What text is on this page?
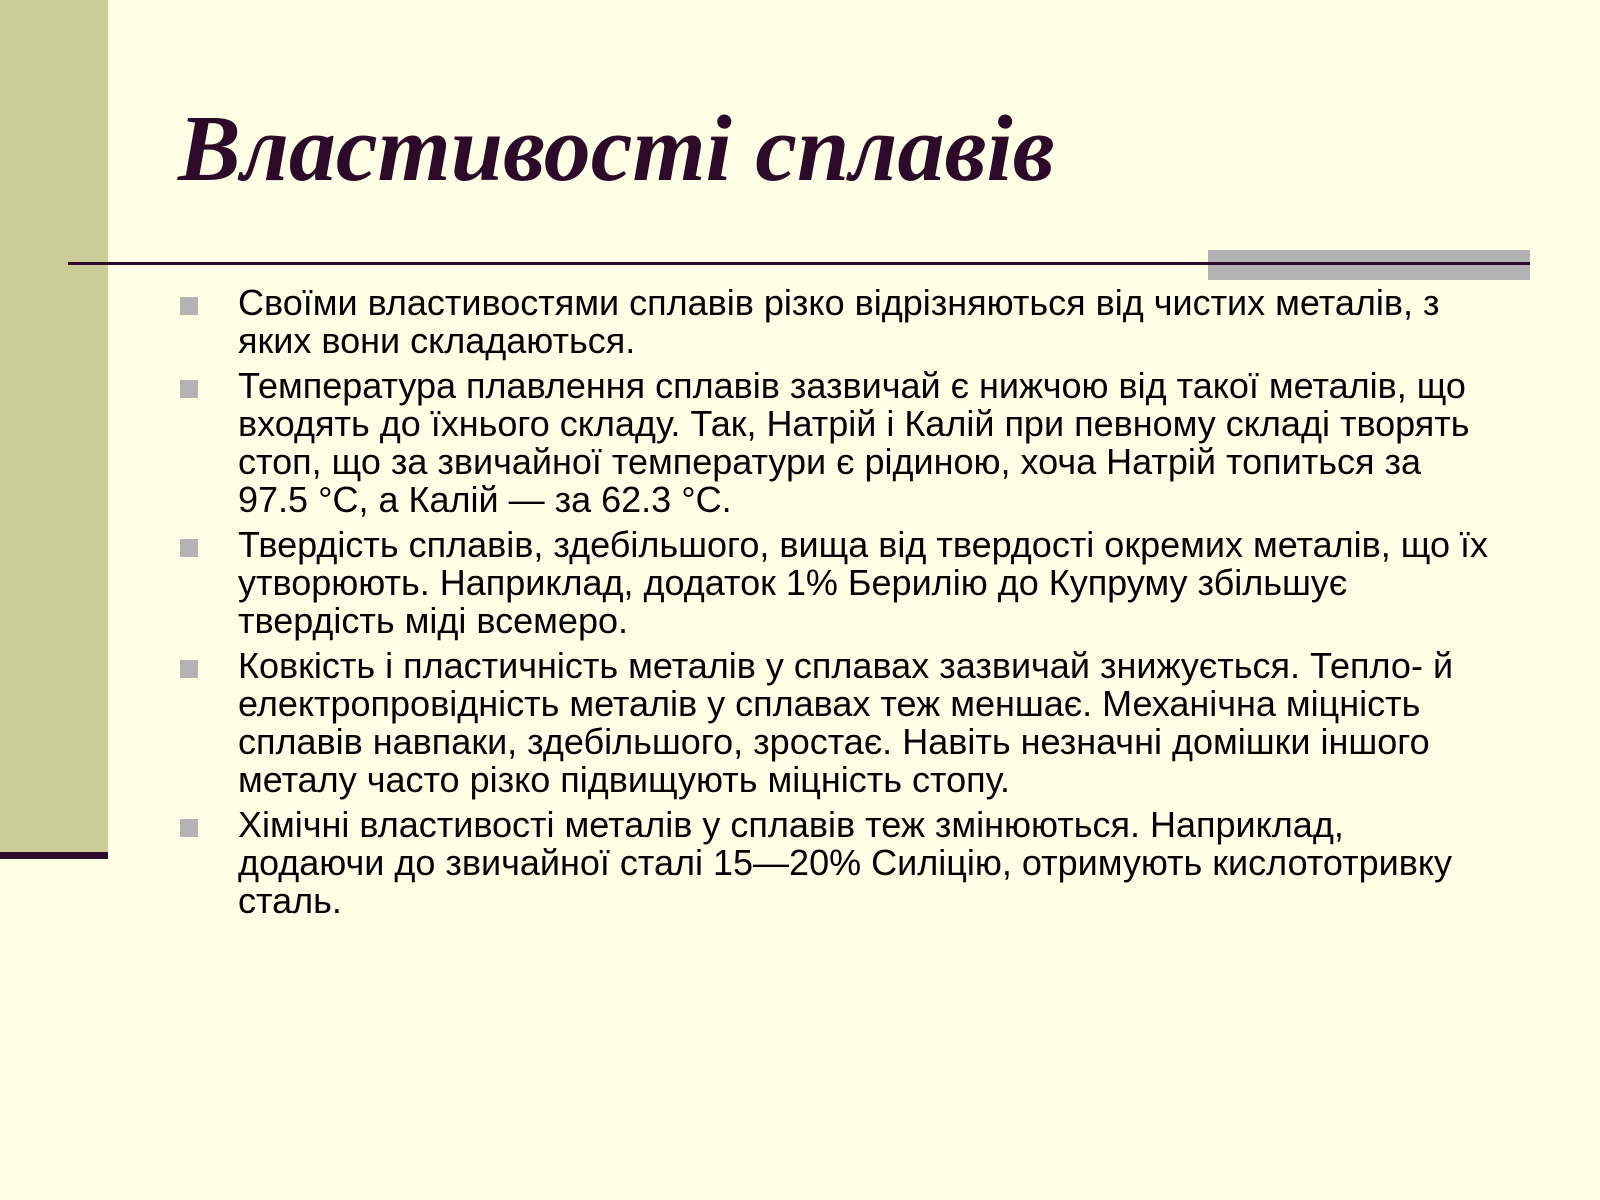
Властивості сплавів
Своїми властивостями сплавів різко відрізняються від чистих металів, з яких вони складаються.
Температура плавлення сплавів зазвичай є нижчою від такої металів, що входять до їхнього складу. Так, Натрій і Калій при певному складі творять стоп, що за звичайної температури є рідиною, хоча Натрій топиться за 97.5 °C, а Калій — за 62.3 °C.
Твердість сплавів, здебільшого, вища від твердості окремих металів, що їх утворюють. Наприклад, додаток 1% Берилію до Купруму збільшує твердість міді всемеро.
Ковкість і пластичність металів у сплавах зазвичай знижується. Тепло- й електропровідність металів у сплавах теж меншає. Механічна міцність сплавів навпаки, здебільшого, зростає. Навіть незначні домішки іншого металу часто різко підвищують міцність стопу.
Хімічні властивості металів у сплавів теж змінюються. Наприклад, додаючи до звичайної сталі 15—20% Силіцію, отримують кислототривку сталь.
